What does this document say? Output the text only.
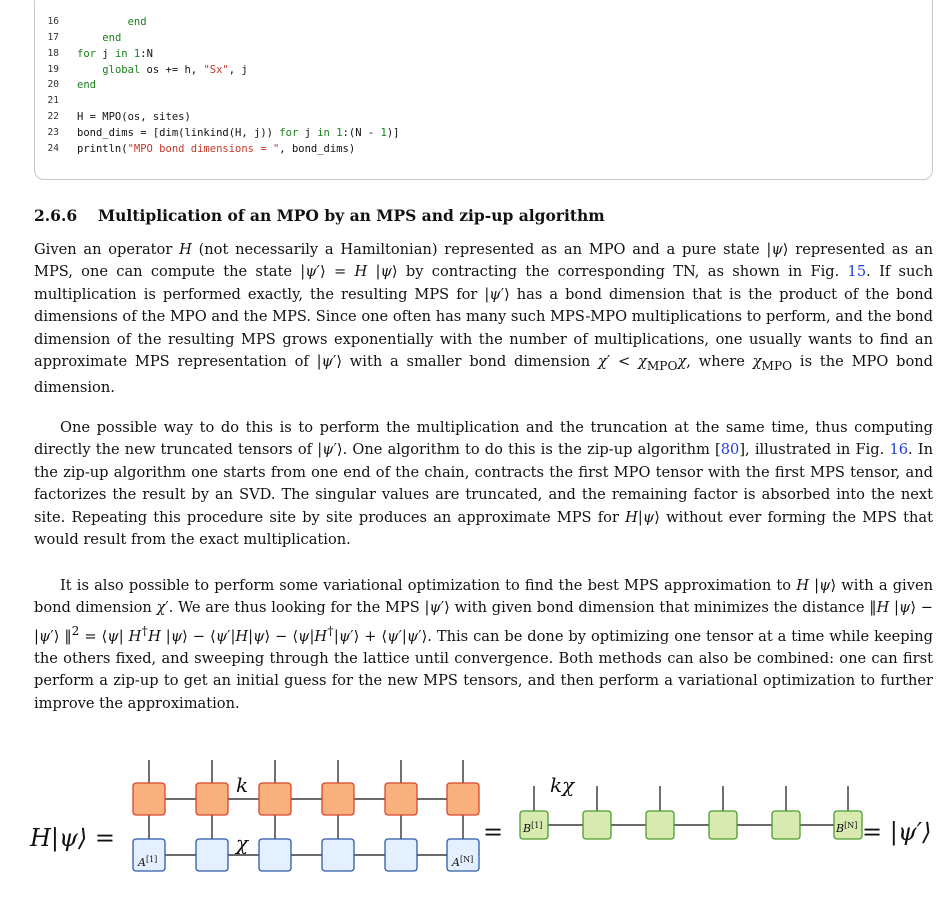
16	end
17	end
18 for j in 1:N
19	global os += h, "Sx", j
20 end
21
22 H = MPO(os, sites)
23 bond_dims = [dim(linkind(H, j)) for j in 1:(N - 1)]
24 println("MPO bond dimensions = ", bond_dims)
2.6.6 Multiplication of an MPO by an MPS and zip-up algorithm

Given an operator H (not necessarily a Hamiltonian) represented as an MPO and a pure state |ψ⟩ represented as an MPS, one can compute the state |ψ′⟩ = H |ψ⟩ by contracting the corresponding TN, as shown in Fig. 15. If such multiplication is performed exactly, the resulting MPS for |ψ′⟩ has a bond dimension that is the product of the bond dimensions of the MPO and the MPS. Since one often has many such MPS-MPO multiplications to perform, and the bond dimension of the resulting MPS grows exponentially with the number of multiplications, one usually wants to find an approximate MPS representation of |ψ′⟩ with a smaller bond dimension $\chi' < \chi_{MPO}\chi$, where $\chi_{MPO}$ is the MPO bond dimension.

One possible way to do this is to perform the multiplication and the truncation at the same time, thus computing directly the new truncated tensors of |ψ′⟩. One algorithm to do this is the zip-up algorithm [80], illustrated in Fig. 16. In the zip-up algorithm one starts from one end of the chain, contracts the first MPO tensor with the first MPS tensor, and factorizes the result by an SVD. The singular values are truncated, and the remaining factor is absorbed into the next site. Repeating this procedure site by site produces an approximate MPS for H|ψ⟩ without ever forming the MPS that would result from the exact multiplication.

It is also possible to perform some variational optimization to find the best MPS approximation to H |ψ⟩ with a given bond dimension χ′. We are thus looking for the MPS |ψ′⟩ with given bond dimension that minimizes the distance ‖H |ψ⟩ − |ψ′⟩ ‖$^2$ = ⟨ψ| H†H |ψ⟩ − ⟨ψ′|H|ψ⟩ − ⟨ψ|H†|ψ′⟩ + ⟨ψ′|ψ′⟩. This can be done by optimizing one tensor at a time while keeping the others fixed, and sweeping through the lattice until convergence. Both methods can also be combined: one can first perform a zip-up to get an initial guess for the new MPS tensors, and then perform a variational optimization to further improve the approximation.

H|ψ⟩ =
k
χ
A[1]	A[N]
=
kχ
B[1]	B[N] = |ψ′⟩
